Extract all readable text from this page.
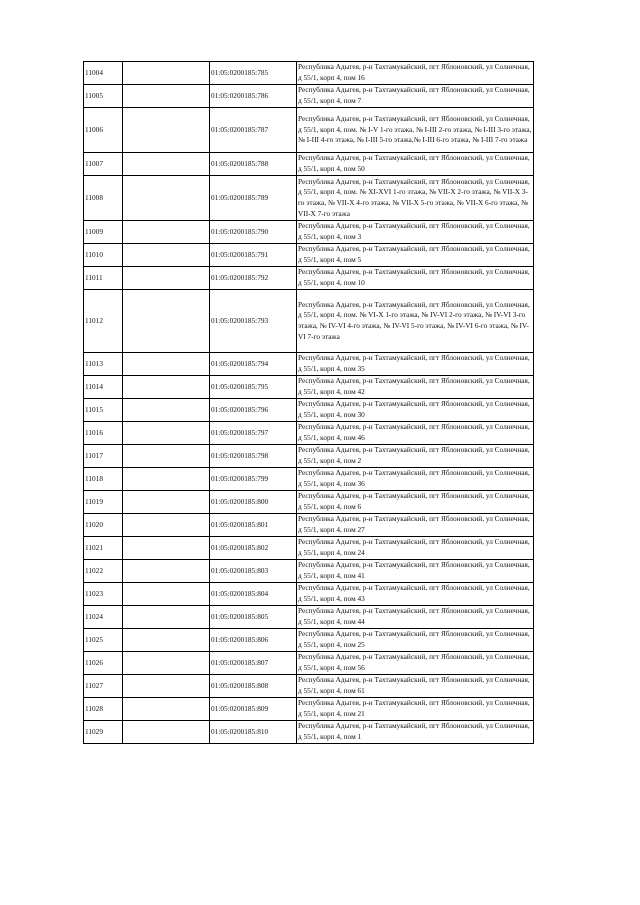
11004		01:05:0200185:785	Республика Адыгея, р-н Тахтамукайский, пгт Яблоновский, ул Солнечная, д 55/1, корп 4, пом 16
11005		01:05:0200185:786	Республика Адыгея, р-н Тахтамукайский, пгт Яблоновский, ул Солнечная, д 55/1, корп 4, пом 7
11006		01:05:0200185:787	Республика Адыгея, р-н Тахтамукайский, пгт Яблоновский, ул Солнечная, д 55/1, корп 4, пом. № I-V 1-го этажа, № I-III 2-го этажа, № I-III 3-го этажа, № I-III 4-го этажа, № I-III 5-го этажа,№ I-III 6-го этажа, № I-III 7-го этажа
11007		01:05:0200185:788	Республика Адыгея, р-н Тахтамукайский, пгт Яблоновский, ул Солнечная, д 55/1, корп 4, пом 50
11008		01:05:0200185:789	Республика Адыгея, р-н Тахтамукайский, пгт Яблоновский, ул Солнечная, д 55/1, корп 4, пом. № XI-XVI 1-го этажа, № VII-X 2-го этажа, № VII-X 3-го этажа, № VII-X 4-го этажа, № VII-X 5-го этажа, № VII-X 6-го этажа, № VII-X 7-го этажа
11009		01:05:0200185:790	Республика Адыгея, р-н Тахтамукайский, пгт Яблоновский, ул Солнечная, д 55/1, корп 4, пом 3
11010		01:05:0200185:791	Республика Адыгея, р-н Тахтамукайский, пгт Яблоновский, ул Солнечная, д 55/1, корп 4, пом 5
11011		01:05:0200185:792	Республика Адыгея, р-н Тахтамукайский, пгт Яблоновский, ул Солнечная, д 55/1, корп 4, пом 10
11012		01:05:0200185:793	Республика Адыгея, р-н Тахтамукайский, пгт Яблоновский, ул Солнечная, д 55/1, корп 4, пом. № VI-X 1-го этажа, № IV-VI 2-го этажа, № IV-VI 3-го этажа, № IV-VI 4-го этажа, № IV-VI 5-го этажа, № IV-VI 6-го этажа, № IV-VI 7-го этажа
11013		01:05:0200185:794	Республика Адыгея, р-н Тахтамукайский, пгт Яблоновский, ул Солнечная, д 55/1, корп 4, пом 35
11014		01:05:0200185:795	Республика Адыгея, р-н Тахтамукайский, пгт Яблоновский, ул Солнечная, д 55/1, корп 4, пом 42
11015		01:05:0200185:796	Республика Адыгея, р-н Тахтамукайский, пгт Яблоновский, ул Солнечная, д 55/1, корп 4, пом 30
11016		01:05:0200185:797	Республика Адыгея, р-н Тахтамукайский, пгт Яблоновский, ул Солнечная, д 55/1, корп 4, пом 46
11017		01:05:0200185:798	Республика Адыгея, р-н Тахтамукайский, пгт Яблоновский, ул Солнечная, д 55/1, корп 4, пом 2
11018		01:05:0200185:799	Республика Адыгея, р-н Тахтамукайский, пгт Яблоновский, ул Солнечная, д 55/1, корп 4, пом 36
11019		01:05:0200185:800	Республика Адыгея, р-н Тахтамукайский, пгт Яблоновский, ул Солнечная, д 55/1, корп 4, пом 6
11020		01:05:0200185:801	Республика Адыгея, р-н Тахтамукайский, пгт Яблоновский, ул Солнечная, д 55/1, корп 4, пом 27
11021		01:05:0200185:802	Республика Адыгея, р-н Тахтамукайский, пгт Яблоновский, ул Солнечная, д 55/1, корп 4, пом 24
11022		01:05:0200185:803	Республика Адыгея, р-н Тахтамукайский, пгт Яблоновский, ул Солнечная, д 55/1, корп 4, пом 41
11023		01:05:0200185:804	Республика Адыгея, р-н Тахтамукайский, пгт Яблоновский, ул Солнечная, д 55/1, корп 4, пом 43
11024		01:05:0200185:805	Республика Адыгея, р-н Тахтамукайский, пгт Яблоновский, ул Солнечная, д 55/1, корп 4, пом 44
11025		01:05:0200185:806	Республика Адыгея, р-н Тахтамукайский, пгт Яблоновский, ул Солнечная, д 55/1, корп 4, пом 25
11026		01:05:0200185:807	Республика Адыгея, р-н Тахтамукайский, пгт Яблоновский, ул Солнечная, д 55/1, корп 4, пом 56
11027		01:05:0200185:808	Республика Адыгея, р-н Тахтамукайский, пгт Яблоновский, ул Солнечная, д 55/1, корп 4, пом 61
11028		01:05:0200185:809	Республика Адыгея, р-н Тахтамукайский, пгт Яблоновский, ул Солнечная, д 55/1, корп 4, пом 21
11029		01:05:0200185:810	Республика Адыгея, р-н Тахтамукайский, пгт Яблоновский, ул Солнечная, д 55/1, корп 4, пом 1
